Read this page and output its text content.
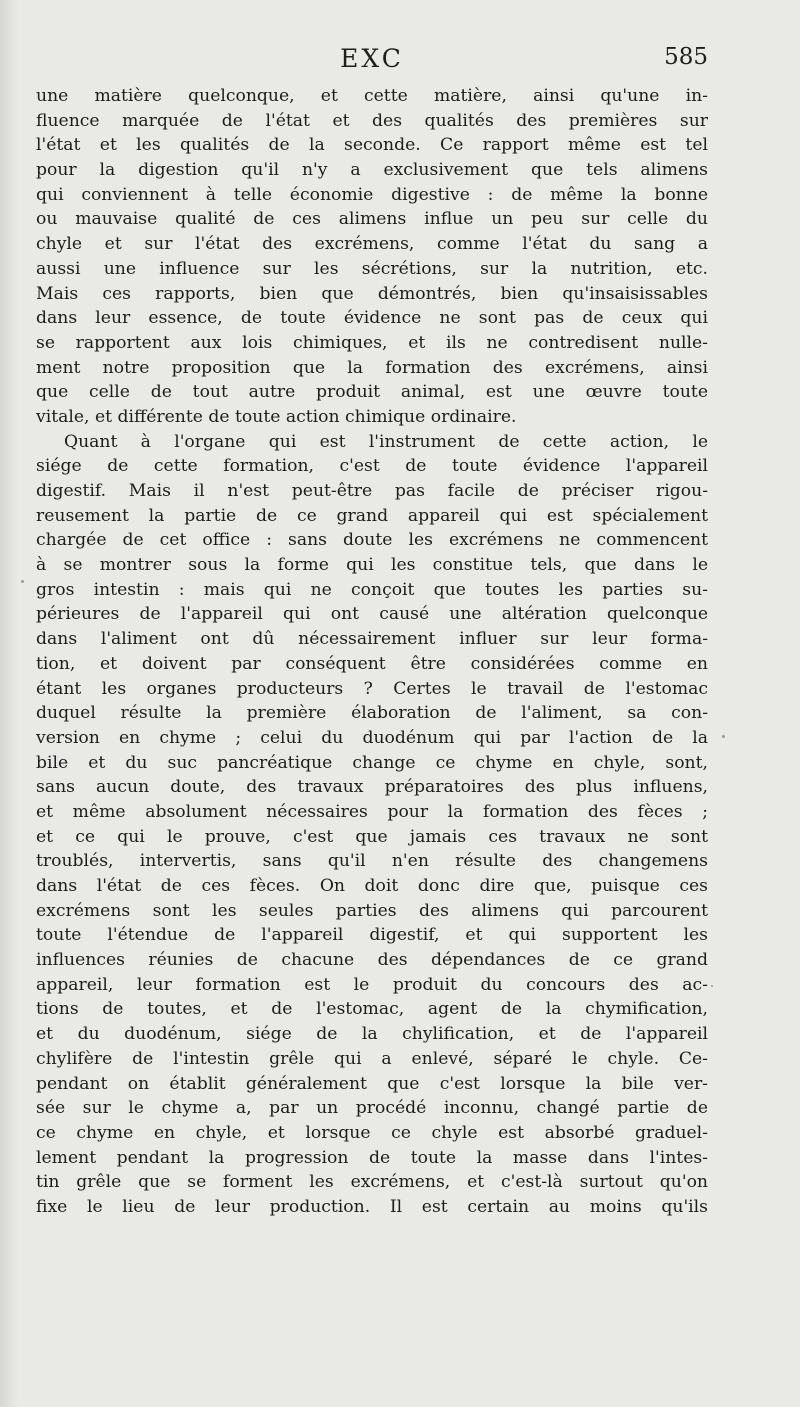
EXC	585
une matière quelconque, et cette matière, ainsi qu'une in-
fluence marquée de l'état et des qualités des premières sur
l'état et les qualités de la seconde. Ce rapport même est tel
pour la digestion qu'il n'y a exclusivement que tels alimens
qui conviennent à telle économie digestive : de même la bonne
ou mauvaise qualité de ces alimens influe un peu sur celle du
chyle et sur l'état des excrémens, comme l'état du sang a
aussi une influence sur les sécrétions, sur la nutrition, etc.
Mais ces rapports, bien que démontrés, bien qu'insaisissables
dans leur essence, de toute évidence ne sont pas de ceux qui
se rapportent aux lois chimiques, et ils ne contredisent nulle-
ment notre proposition que la formation des excrémens, ainsi
que celle de tout autre produit animal, est une œuvre toute
vitale, et différente de toute action chimique ordinaire.
Quant à l'organe qui est l'instrument de cette action, le
siége de cette formation, c'est de toute évidence l'appareil
digestif. Mais il n'est peut-être pas facile de préciser rigou-
reusement la partie de ce grand appareil qui est spécialement
chargée de cet office : sans doute les excrémens ne commencent
à se montrer sous la forme qui les constitue tels, que dans le
gros intestin : mais qui ne conçoit que toutes les parties su-
périeures de l'appareil qui ont causé une altération quelconque
dans l'aliment ont dû nécessairement influer sur leur forma-
tion, et doivent par conséquent être considérées comme en
étant les organes producteurs ? Certes le travail de l'estomac
duquel résulte la première élaboration de l'aliment, sa con-
version en chyme ; celui du duodénum qui par l'action de la
bile et du suc pancréatique change ce chyme en chyle, sont,
sans aucun doute, des travaux préparatoires des plus influens,
et même absolument nécessaires pour la formation des fèces ;
et ce qui le prouve, c'est que jamais ces travaux ne sont
troublés, intervertis, sans qu'il n'en résulte des changemens
dans l'état de ces fèces. On doit donc dire que, puisque ces
excrémens sont les seules parties des alimens qui parcourent
toute l'étendue de l'appareil digestif, et qui supportent les
influences réunies de chacune des dépendances de ce grand
appareil, leur formation est le produit du concours des ac-
tions de toutes, et de l'estomac, agent de la chymification,
et du duodénum, siége de la chylification, et de l'appareil
chylifère de l'intestin grêle qui a enlevé, séparé le chyle. Ce-
pendant on établit généralement que c'est lorsque la bile ver-
sée sur le chyme a, par un procédé inconnu, changé partie de
ce chyme en chyle, et lorsque ce chyle est absorbé graduel-
lement pendant la progression de toute la masse dans l'intes-
tin grêle que se forment les excrémens, et c'est-là surtout qu'on
fixe le lieu de leur production. Il est certain au moins qu'ils
